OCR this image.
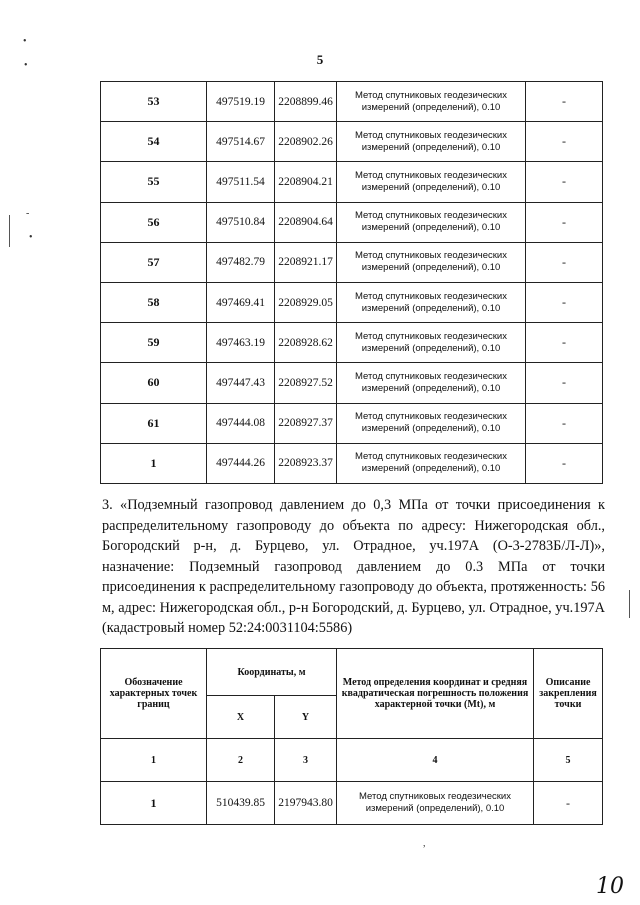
5
•
•
-
•
53	497519.19	2208899.46	Метод спутниковых геодезических измерений (определений), 0.10	-
54	497514.67	2208902.26	Метод спутниковых геодезических измерений (определений), 0.10	-
55	497511.54	2208904.21	Метод спутниковых геодезических измерений (определений), 0.10	-
56	497510.84	2208904.64	Метод спутниковых геодезических измерений (определений), 0.10	-
57	497482.79	2208921.17	Метод спутниковых геодезических измерений (определений), 0.10	-
58	497469.41	2208929.05	Метод спутниковых геодезических измерений (определений), 0.10	-
59	497463.19	2208928.62	Метод спутниковых геодезических измерений (определений), 0.10	-
60	497447.43	2208927.52	Метод спутниковых геодезических измерений (определений), 0.10	-
61	497444.08	2208927.37	Метод спутниковых геодезических измерений (определений), 0.10	-
1	497444.26	2208923.37	Метод спутниковых геодезических измерений (определений), 0.10	-
3. «Подземный газопровод давлением до 0,3 МПа от точки присоединения к распределительному газопроводу до объекта по адресу: Нижегородская обл., Богородский р-н, д. Бурцево, ул. Отрадное, уч.197А (О-3-2783Б/Л-Л)», назначение: Подземный газопровод давлением до 0.3 МПа от точки присоединения к распределительному газопроводу до объекта, протяженность: 56 м, адрес: Нижегородская обл., р-н Богородский, д. Бурцево, ул. Отрадное, уч.197А (кадастровый номер 52:24:0031104:5586)
Обозначение характерных точек границ	Координаты, м		Метод определения координат и средняя квадратическая погрешность положения характерной точки (Mt), м	Описание закрепления точки
	X	Y		
1	2	3	4	5
1	510439.85	2197943.80	Метод спутниковых геодезических измерений (определений), 0.10	-
,
10
